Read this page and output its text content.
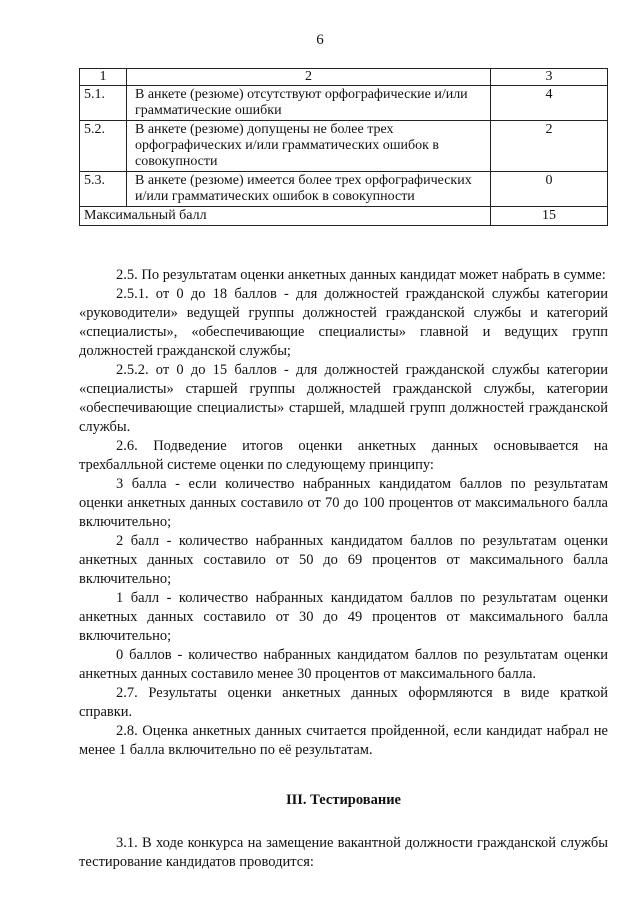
6
1	2	3
5.1.	В анкете (резюме) отсутствуют орфографические и/или грамматические ошибки	4
5.2.	В анкете (резюме) допущены не более трех орфографических и/или грамматических ошибок в совокупности	2
5.3.	В анкете (резюме) имеется более трех орфографических и/или грамматических ошибок в совокупности	0
Максимальный балл		15

2.5. По результатам оценки анкетных данных кандидат может набрать в сумме:

2.5.1. от 0 до 18 баллов - для должностей гражданской службы категории «руководители» ведущей группы должностей гражданской службы и категорий «специалисты», «обеспечивающие специалисты» главной и ведущих групп должностей гражданской службы;

2.5.2. от 0 до 15 баллов - для должностей гражданской службы категории «специалисты» старшей группы должностей гражданской службы, категории «обеспечивающие специалисты» старшей, младшей групп должностей гражданской службы.

2.6. Подведение итогов оценки анкетных данных основывается на трехбалльной системе оценки по следующему принципу:

3 балла - если количество набранных кандидатом баллов по результатам оценки анкетных данных составило от 70 до 100 процентов от максимального балла включительно;

2 балл - количество набранных кандидатом баллов по результатам оценки анкетных данных составило от 50 до 69 процентов от максимального балла включительно;

1 балл - количество набранных кандидатом баллов по результатам оценки анкетных данных составило от 30 до 49 процентов от максимального балла включительно;

0 баллов - количество набранных кандидатом баллов по результатам оценки анкетных данных составило менее 30 процентов от максимального балла.

2.7. Результаты оценки анкетных данных оформляются в виде краткой справки.

2.8. Оценка анкетных данных считается пройденной, если кандидат набрал не менее 1 балла включительно по её результатам.

III. Тестирование

3.1. В ходе конкурса на замещение вакантной должности гражданской службы тестирование кандидатов проводится:
